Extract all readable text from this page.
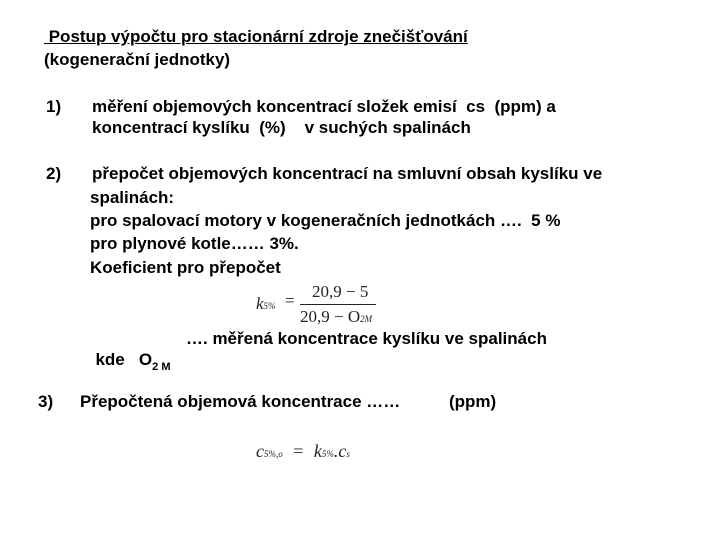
Postup výpočtu pro stacionární zdroje znečišťování
(kogenerační jednotky)
1) měření objemových koncentrací složek emisí  cs  (ppm) a
koncentrací kyslíku  (%)    v suchých spalinách
2) přepočet objemových koncentrací na smluvní obsah kyslíku ve
spalinách:
pro spalovací motory v kogeneračních jednotkách ….  5 %
pro plynové kotle…… 3%.
Koeficient pro přepočet
k5% = 20,9 − 5
20,9 − O2M

kde   $O_{2 M}$

…. měřená koncentrace kyslíku ve spalinách
3) Přepočtená objemová koncentrace ……	(ppm)
c5%,o = k5%.cs
